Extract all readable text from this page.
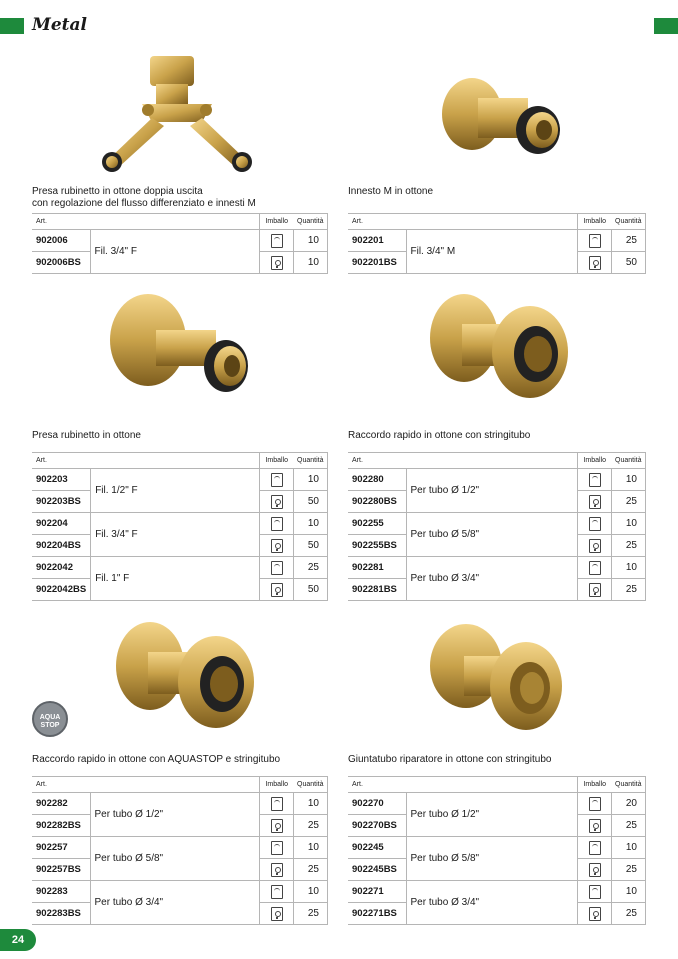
Metal
AQUA
STOP
Presa rubinetto in ottone doppia uscita
con regolazione del flusso differenziato e innesti M
Art.		Imballo	Quantità
902006	Fil. 3/4" F		10
902006BS			10
Innesto M in ottone
Art.		Imballo	Quantità
902201	Fil. 3/4" M		25
902201BS			50
Presa rubinetto in ottone
Art.		Imballo	Quantità
902203	Fil. 1/2" F		10
902203BS			50
902204	Fil. 3/4" F		10
902204BS			50
9022042	Fil. 1" F		25
9022042BS			50
Raccordo rapido in ottone con stringitubo
Art.		Imballo	Quantità
902280	Per tubo Ø 1/2"		10
902280BS			25
902255	Per tubo Ø 5/8"		10
902255BS			25
902281	Per tubo Ø 3/4"		10
902281BS			25
Raccordo rapido in ottone con AQUASTOP e stringitubo
Art.		Imballo	Quantità
902282	Per tubo Ø 1/2"		10
902282BS			25
902257	Per tubo Ø 5/8"		10
902257BS			25
902283	Per tubo Ø 3/4"		10
902283BS			25
Giuntatubo riparatore in ottone con stringitubo
Art.		Imballo	Quantità
902270	Per tubo Ø 1/2"		20
902270BS			25
902245	Per tubo Ø 5/8"		10
902245BS			25
902271	Per tubo Ø 3/4"		10
902271BS			25
24
